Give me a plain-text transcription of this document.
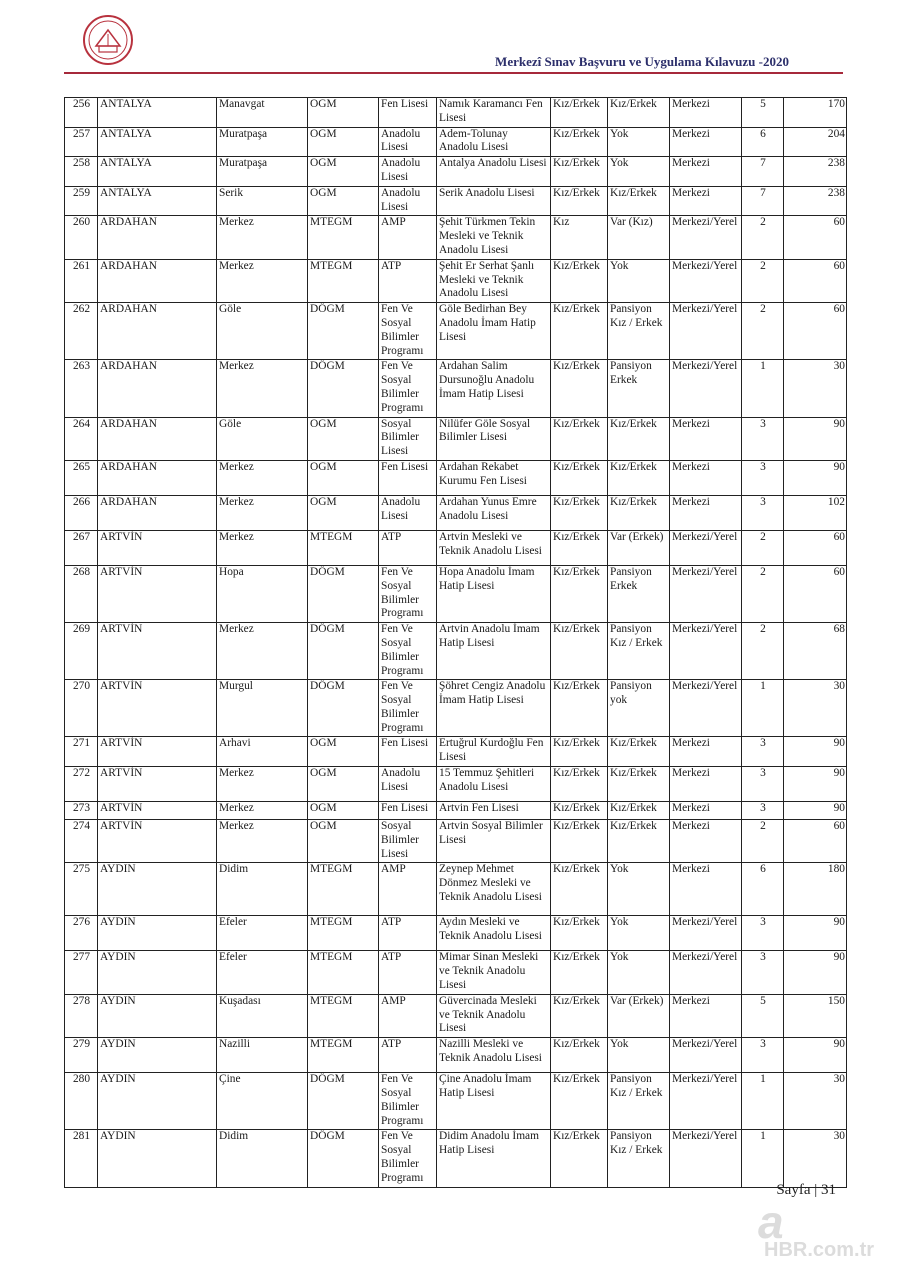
Merkezî Sınav Başvuru ve Uygulama Kılavuzu -2020
256	ANTALYA	Manavgat	OGM	Fen Lisesi	Namık Karamancı Fen Lisesi	Kız/Erkek	Kız/Erkek	Merkezi	5	170
257	ANTALYA	Muratpaşa	OGM	Anadolu Lisesi	Adem-Tolunay Anadolu Lisesi	Kız/Erkek	Yok	Merkezi	6	204
258	ANTALYA	Muratpaşa	OGM	Anadolu Lisesi	Antalya Anadolu Lisesi	Kız/Erkek	Yok	Merkezi	7	238
259	ANTALYA	Serik	OGM	Anadolu Lisesi	Serik Anadolu Lisesi	Kız/Erkek	Kız/Erkek	Merkezi	7	238
260	ARDAHAN	Merkez	MTEGM	AMP	Şehit Türkmen Tekin Mesleki ve Teknik Anadolu Lisesi	Kız	Var (Kız)	Merkezi/Yerel	2	60
261	ARDAHAN	Merkez	MTEGM	ATP	Şehit Er Serhat Şanlı Mesleki ve Teknik Anadolu Lisesi	Kız/Erkek	Yok	Merkezi/Yerel	2	60
262	ARDAHAN	Göle	DÖGM	Fen Ve Sosyal Bilimler Programı	Göle Bedirhan Bey Anadolu İmam Hatip Lisesi	Kız/Erkek	Pansiyon Kız / Erkek	Merkezi/Yerel	2	60
263	ARDAHAN	Merkez	DÖGM	Fen Ve Sosyal Bilimler Programı	Ardahan Salim Dursunoğlu Anadolu İmam Hatip Lisesi	Kız/Erkek	Pansiyon Erkek	Merkezi/Yerel	1	30
264	ARDAHAN	Göle	OGM	Sosyal Bilimler Lisesi	Nilüfer Göle Sosyal Bilimler Lisesi	Kız/Erkek	Kız/Erkek	Merkezi	3	90
265	ARDAHAN	Merkez	OGM	Fen Lisesi	Ardahan Rekabet Kurumu Fen Lisesi	Kız/Erkek	Kız/Erkek	Merkezi	3	90
266	ARDAHAN	Merkez	OGM	Anadolu Lisesi	Ardahan Yunus Emre Anadolu Lisesi	Kız/Erkek	Kız/Erkek	Merkezi	3	102
267	ARTVİN	Merkez	MTEGM	ATP	Artvin Mesleki ve Teknik Anadolu Lisesi	Kız/Erkek	Var (Erkek)	Merkezi/Yerel	2	60
268	ARTVİN	Hopa	DÖGM	Fen Ve Sosyal Bilimler Programı	Hopa Anadolu İmam Hatip Lisesi	Kız/Erkek	Pansiyon Erkek	Merkezi/Yerel	2	60
269	ARTVİN	Merkez	DÖGM	Fen Ve Sosyal Bilimler Programı	Artvin Anadolu İmam Hatip Lisesi	Kız/Erkek	Pansiyon Kız / Erkek	Merkezi/Yerel	2	68
270	ARTVİN	Murgul	DÖGM	Fen Ve Sosyal Bilimler Programı	Şöhret Cengiz Anadolu İmam Hatip Lisesi	Kız/Erkek	Pansiyon yok	Merkezi/Yerel	1	30
271	ARTVİN	Arhavi	OGM	Fen Lisesi	Ertuğrul Kurdoğlu Fen Lisesi	Kız/Erkek	Kız/Erkek	Merkezi	3	90
272	ARTVİN	Merkez	OGM	Anadolu Lisesi	15 Temmuz Şehitleri Anadolu Lisesi	Kız/Erkek	Kız/Erkek	Merkezi	3	90
273	ARTVİN	Merkez	OGM	Fen Lisesi	Artvin Fen Lisesi	Kız/Erkek	Kız/Erkek	Merkezi	3	90
274	ARTVİN	Merkez	OGM	Sosyal Bilimler Lisesi	Artvin Sosyal Bilimler Lisesi	Kız/Erkek	Kız/Erkek	Merkezi	2	60
275	AYDIN	Didim	MTEGM	AMP	Zeynep Mehmet Dönmez Mesleki ve Teknik Anadolu Lisesi	Kız/Erkek	Yok	Merkezi	6	180
276	AYDIN	Efeler	MTEGM	ATP	Aydın Mesleki ve Teknik Anadolu Lisesi	Kız/Erkek	Yok	Merkezi/Yerel	3	90
277	AYDIN	Efeler	MTEGM	ATP	Mimar Sinan Mesleki ve Teknik Anadolu Lisesi	Kız/Erkek	Yok	Merkezi/Yerel	3	90
278	AYDIN	Kuşadası	MTEGM	AMP	Güvercinada Mesleki ve Teknik Anadolu Lisesi	Kız/Erkek	Var (Erkek)	Merkezi	5	150
279	AYDIN	Nazilli	MTEGM	ATP	Nazilli Mesleki ve Teknik Anadolu Lisesi	Kız/Erkek	Yok	Merkezi/Yerel	3	90
280	AYDIN	Çine	DÖGM	Fen Ve Sosyal Bilimler Programı	Çine Anadolu İmam Hatip Lisesi	Kız/Erkek	Pansiyon Kız / Erkek	Merkezi/Yerel	1	30
281	AYDIN	Didim	DÖGM	Fen Ve Sosyal Bilimler Programı	Didim Anadolu İmam Hatip Lisesi	Kız/Erkek	Pansiyon Kız / Erkek	Merkezi/Yerel	1	30
Sayfa | 31
a
HBR.com.tr
